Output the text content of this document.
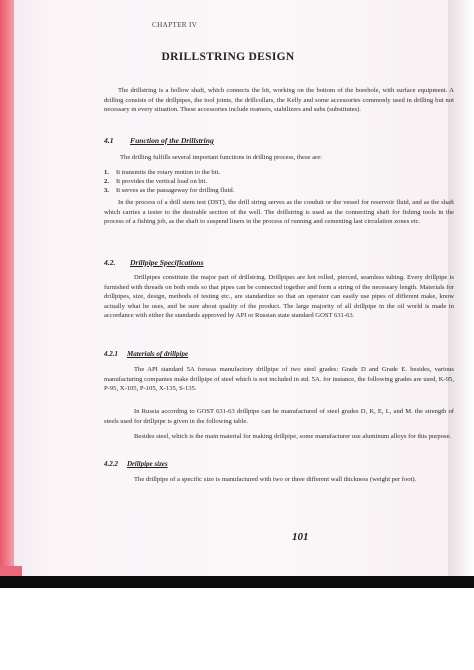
CHAPTER IV
DRILLSTRING DESIGN

The drillstring is a hollow shaft, which connects the bit, working on the bottom of the borehole, with surface equipment. A drilling consists of the drillpipes, the tool joints, the drillcollars, the Kelly and some accessories commonly used in drilling but not necessary in every situation. These accessories include reamers, stabilizers and subs (substitutes).

4.1 Function of the Drillstring

The drilling fulfills several important functions in drilling process, these are:

1. It transmits the rotary motion to the bit.
2. It provides the vertical load on bit.
3. It serves as the passageway for drilling fluid.

In the process of a drill stem test (DST), the drill string serves as the conduit or the vessel for reservoir fluid, and as the shaft which carries a tester to the desirable section of the well. The drillstring is used as the connecting shaft for fishing tools in the process of a fishing job, as the shaft to suspend liners in the process of running and cementing last circulation zones etc.

4.2. Drillpipe Specifications

Drillpipes constitute the major part of drillstring. Drillpipes are hot rolled, pierced, seamless tubing. Every drillpipe is furnished with threads on both ends so that pipes can be connected together and form a string of the necessary length. Materials for drillpipes, size, design, methods of testing etc., are standardize so that an operator can easily use pipes of different make, know actually what he uses, and be sure about quality of the product. The large majority of all drillpipe in the oil world is made in accordance with either the standards approved by API or Russian state standard GOST 631-63.

4.2.1 Materials of drillpipe

The API standard 5A forseas manufactory drillpipe of two steel grades: Grade D and Grade E. besides, various manufacturing companies make drillpipe of steel which is not included in std. 5A. for instance, the following grades are used, K-95, P-95, X-105, P-105, X-135, S-135.

In Russia according to GOST 631-63 drillpipe can be manufactured of steel grades D, K, E, L, and M. the strength of steels used for drillpipe is given in the following table.

Besides steel, which is the main material for making drillpipe, some manufacturer use aluminum alloys for this purpose.

4.2.2 Drillpipe sizes

The drillpipe of a specific size is manufactured with two or three different wall thickness (weight per foot).

101
